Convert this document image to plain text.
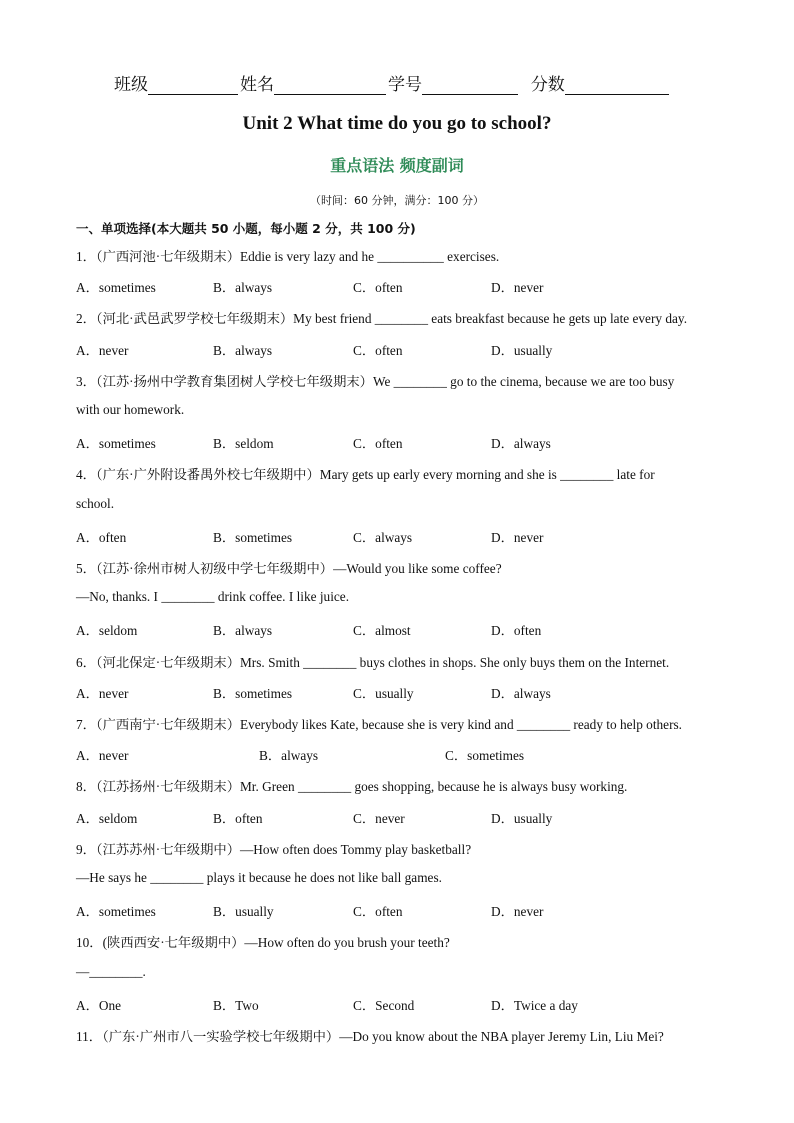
班级	姓名	学号	分数
Unit 2 What time do you go to school?
重点语法 频度副词
（时间：60 分钟，满分：100 分）
一、单项选择(本大题共 50 小题，每小题 2 分，共 100 分)
1．（广西河池·七年级期末）Eddie is very lazy and he __________ exercises.
A．sometimes	B．always	C．often	D．never
2．（河北·武邑武罗学校七年级期末）My best friend ________ eats breakfast because he gets up late every day.
A．never	B．always	C．often	D．usually
3．（江苏·扬州中学教育集团树人学校七年级期末）We ________ go to the cinema, because we are too busy
with our homework.
A．sometimes	B．seldom	C．often	D．always
4．（广东·广外附设番禺外校七年级期中）Mary gets up early every morning and she is ________ late for
school.
A．often	B．sometimes	C．always	D．never
5．（江苏·徐州市树人初级中学七年级期中）—Would you like some coffee?
—No, thanks. I ________ drink coffee. I like juice.
A．seldom	B．always	C．almost	D．often
6．（河北保定·七年级期末）Mrs. Smith ________ buys clothes in shops. She only buys them on the Internet.
A．never	B．sometimes	C．usually	D．always
7．（广西南宁·七年级期末）Everybody likes Kate, because she is very kind and ________ ready to help others.
A．never	B．always	C．sometimes
8．（江苏扬州·七年级期末）Mr. Green ________ goes shopping, because he is always busy working.
A．seldom	B．often	C．never	D．usually
9．（江苏苏州·七年级期中）—How often does Tommy play basketball?
—He says he ________ plays it because he does not like ball games.
A．sometimes	B．usually	C．often	D．never
10．(陕西西安·七年级期中）—How often do you brush your teeth?
—________.
A．One	B．Two	C．Second	D．Twice a day
11．（广东·广州市八一实验学校七年级期中）—Do you know about the NBA player Jeremy Lin, Liu Mei?
